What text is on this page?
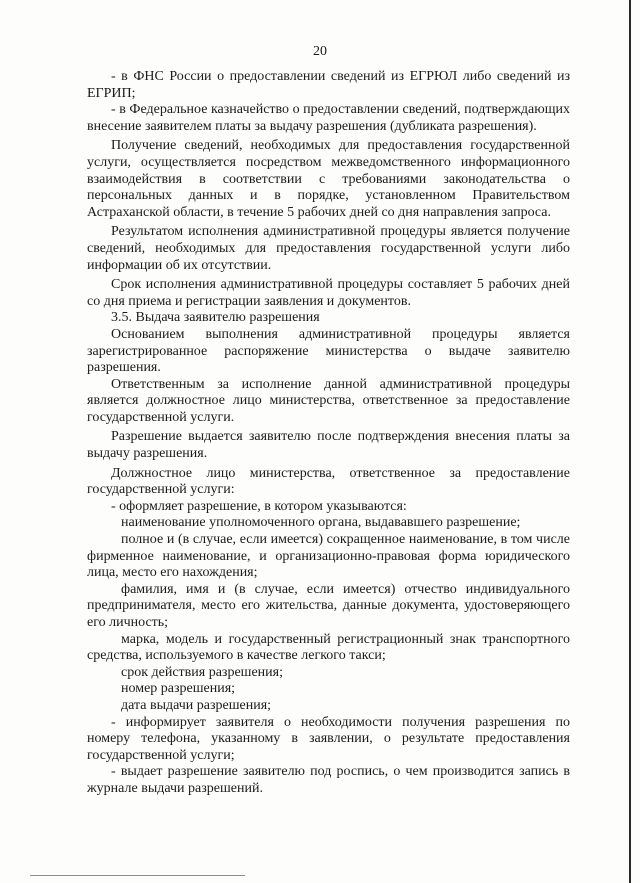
20

- в ФНС России о предоставлении сведений из ЕГРЮЛ либо сведений из ЕГРИП;

- в Федеральное казначейство о предоставлении сведений, подтверждающих внесение заявителем платы за выдачу разрешения (дубликата разрешения).

Получение сведений, необходимых для предоставления государственной услуги, осуществляется посредством межведомственного информационного взаимодействия в соответствии с требованиями законодательства о персональных данных и в порядке, установленном Правительством Астраханской области, в течение 5 рабочих дней со дня направления запроса.

Результатом исполнения административной процедуры является получение сведений, необходимых для предоставления государственной услуги либо информации об их отсутствии.

Срок исполнения административной процедуры составляет 5 рабочих дней со дня приема и регистрации заявления и документов.

3.5. Выдача заявителю разрешения

Основанием выполнения административной процедуры является зарегистрированное распоряжение министерства о выдаче заявителю разрешения.

Ответственным за исполнение данной административной процедуры является должностное лицо министерства, ответственное за предоставление государственной услуги.

Разрешение выдается заявителю после подтверждения внесения платы за выдачу разрешения.

Должностное лицо министерства, ответственное за предоставление государственной услуги:

- оформляет разрешение, в котором указываются:

наименование уполномоченного органа, выдававшего разрешение;

полное и (в случае, если имеется) сокращенное наименование, в том числе фирменное наименование, и организационно-правовая форма юридического лица, место его нахождения;

фамилия, имя и (в случае, если имеется) отчество индивидуального предпринимателя, место его жительства, данные документа, удостоверяющего его личность;

марка, модель и государственный регистрационный знак транспортного средства, используемого в качестве легкого такси;

срок действия разрешения;

номер разрешения;

дата выдачи разрешения;

- информирует заявителя о необходимости получения разрешения по номеру телефона, указанному в заявлении, о результате предоставления государственной услуги;

- выдает разрешение заявителю под роспись, о чем производится запись в журнале выдачи разрешений.
